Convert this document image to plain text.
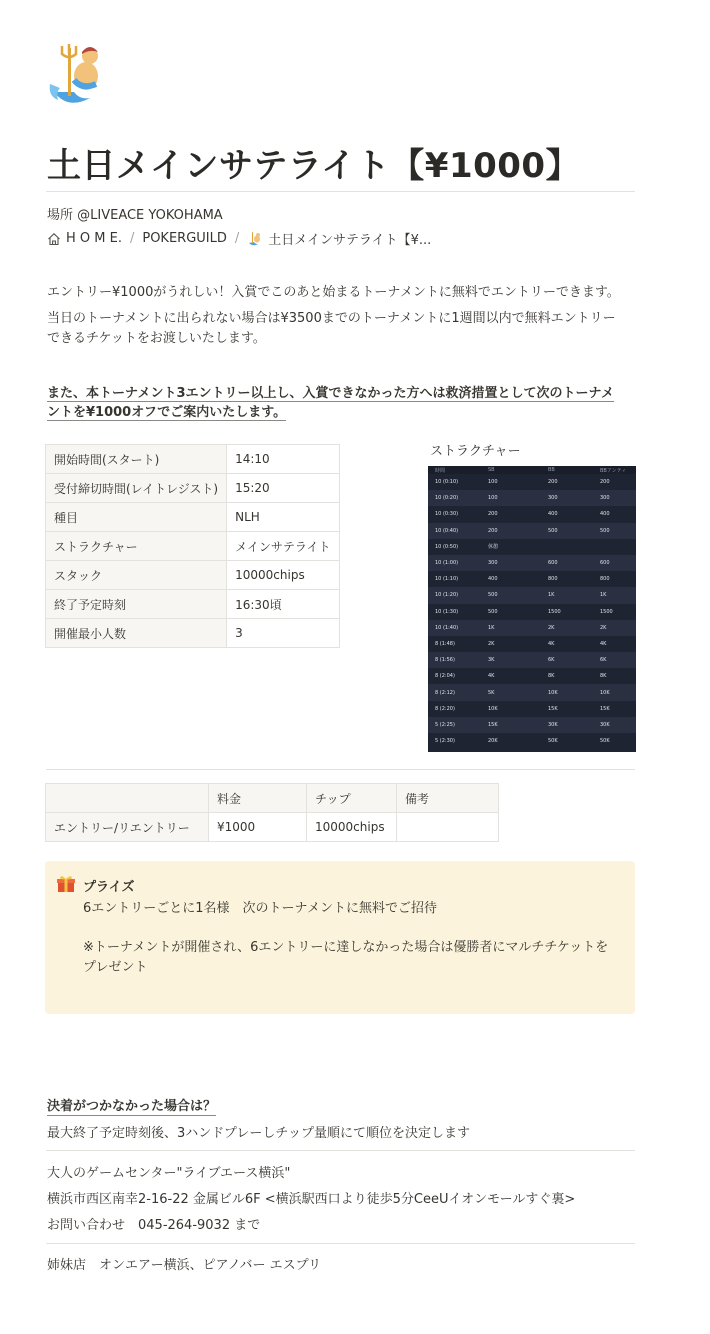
土日メインサテライト【¥1000】
場所 @LIVEACE YOKOHAMA
H O M E. / POKERGUILD / 土日メインサテライト【¥...
エントリー¥1000がうれしい！入賞でこのあと始まるトーナメントに無料でエントリーできます。
当日のトーナメントに出られない場合は¥3500までのトーナメントに1週間以内で無料エントリー
できるチケットをお渡しいたします。
また、本トーナメント3エントリー以上し、入賞できなかった方へは救済措置として次のトーナメ
ントを¥1000オフでご案内いたします。
開始時間(スタート)	14:10
受付締切時間(レイトレジスト)	15:20
種目	NLH
ストラクチャー	メインサテライト
スタック	10000chips
終了予定時刻	16:30頃
開催最小人数	3
ストラクチャー
時間	SB	BB	BBアンティ
10 (0:10)	100	200	200
10 (0:20)	100	300	300
10 (0:30)	200	400	400
10 (0:40)	200	500	500
10 (0:50)	休憩
10 (1:00)	300	600	600
10 (1:10)	400	800	800
10 (1:20)	500	1K	1K
10 (1:30)	500	1500	1500
10 (1:40)	1K	2K	2K
8 (1:48)	2K	4K	4K
8 (1:56)	3K	6K	6K
8 (2:04)	4K	8K	8K
8 (2:12)	5K	10K	10K
8 (2:20)	10K	15K	15K
5 (2:25)	15K	30K	30K
5 (2:30)	20K	50K	50K
	料金	チップ	備考
エントリー/リエントリー	¥1000	10000chips	
プライズ
6エントリーごとに1名様　次のトーナメントに無料でご招待
※トーナメントが開催され、6エントリーに達しなかった場合は優勝者にマルチチケットを
プレゼント
決着がつかなかった場合は？
最大終了予定時刻後、3ハンドプレーしチップ量順にて順位を決定します
大人のゲームセンター"ライブエース横浜"
横浜市西区南幸2-16-22 金属ビル6F <横浜駅西口より徒歩5分CeeUイオンモールすぐ裏>
お問い合わせ　045-264-9032 まで
姉妹店　オンエアー横浜、ピアノバー エスプリ
